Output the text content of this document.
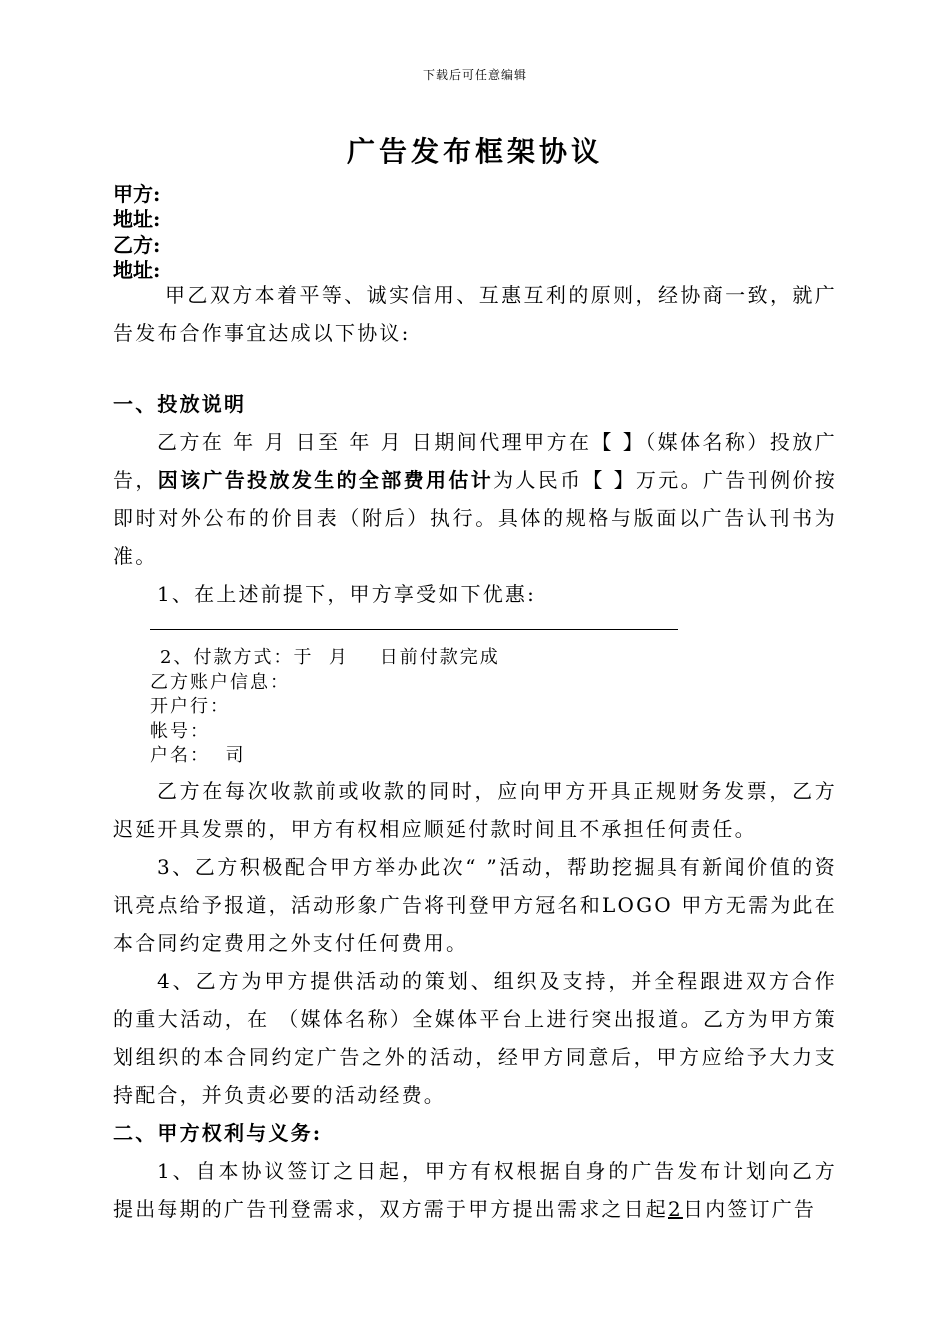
下载后可任意编辑
广告发布框架协议
甲方:
地址:
乙方:
地址:

甲乙双方本着平等、诚实信用、互惠互利的原则，经协商一致，就广告发布合作事宜达成以下协议:

一、投放说明

乙方在 年 月 日至 年 月 日期间代理甲方在【 】（媒体名称）投放广告，因该广告投放发生的全部费用估计为人民币【 】万元。广告刊例价按即时对外公布的价目表（附后）执行。具体的规格与版面以广告认刊书为准。

1、在上述前提下，甲方享受如下优惠:

2、付款方式：于  月    日前付款完成
乙方账户信息：
开户行：
帐号：
户名：  司

乙方在每次收款前或收款的同时，应向甲方开具正规财务发票，乙方迟延开具发票的，甲方有权相应顺延付款时间且不承担任何责任。

3、乙方积极配合甲方举办此次“ ”活动，帮助挖掘具有新闻价值的资讯亮点给予报道，活动形象广告将刊登甲方冠名和LOGO 甲方无需为此在本合同约定费用之外支付任何费用。

4、乙方为甲方提供活动的策划、组织及支持，并全程跟进双方合作的重大活动，在 （媒体名称）全媒体平台上进行突出报道。乙方为甲方策划组织的本合同约定广告之外的活动，经甲方同意后，甲方应给予大力支持配合，并负责必要的活动经费。

二、甲方权利与义务:

1、自本协议签订之日起，甲方有权根据自身的广告发布计划向乙方提出每期的广告刊登需求，双方需于甲方提出需求之日起2日内签订广告
